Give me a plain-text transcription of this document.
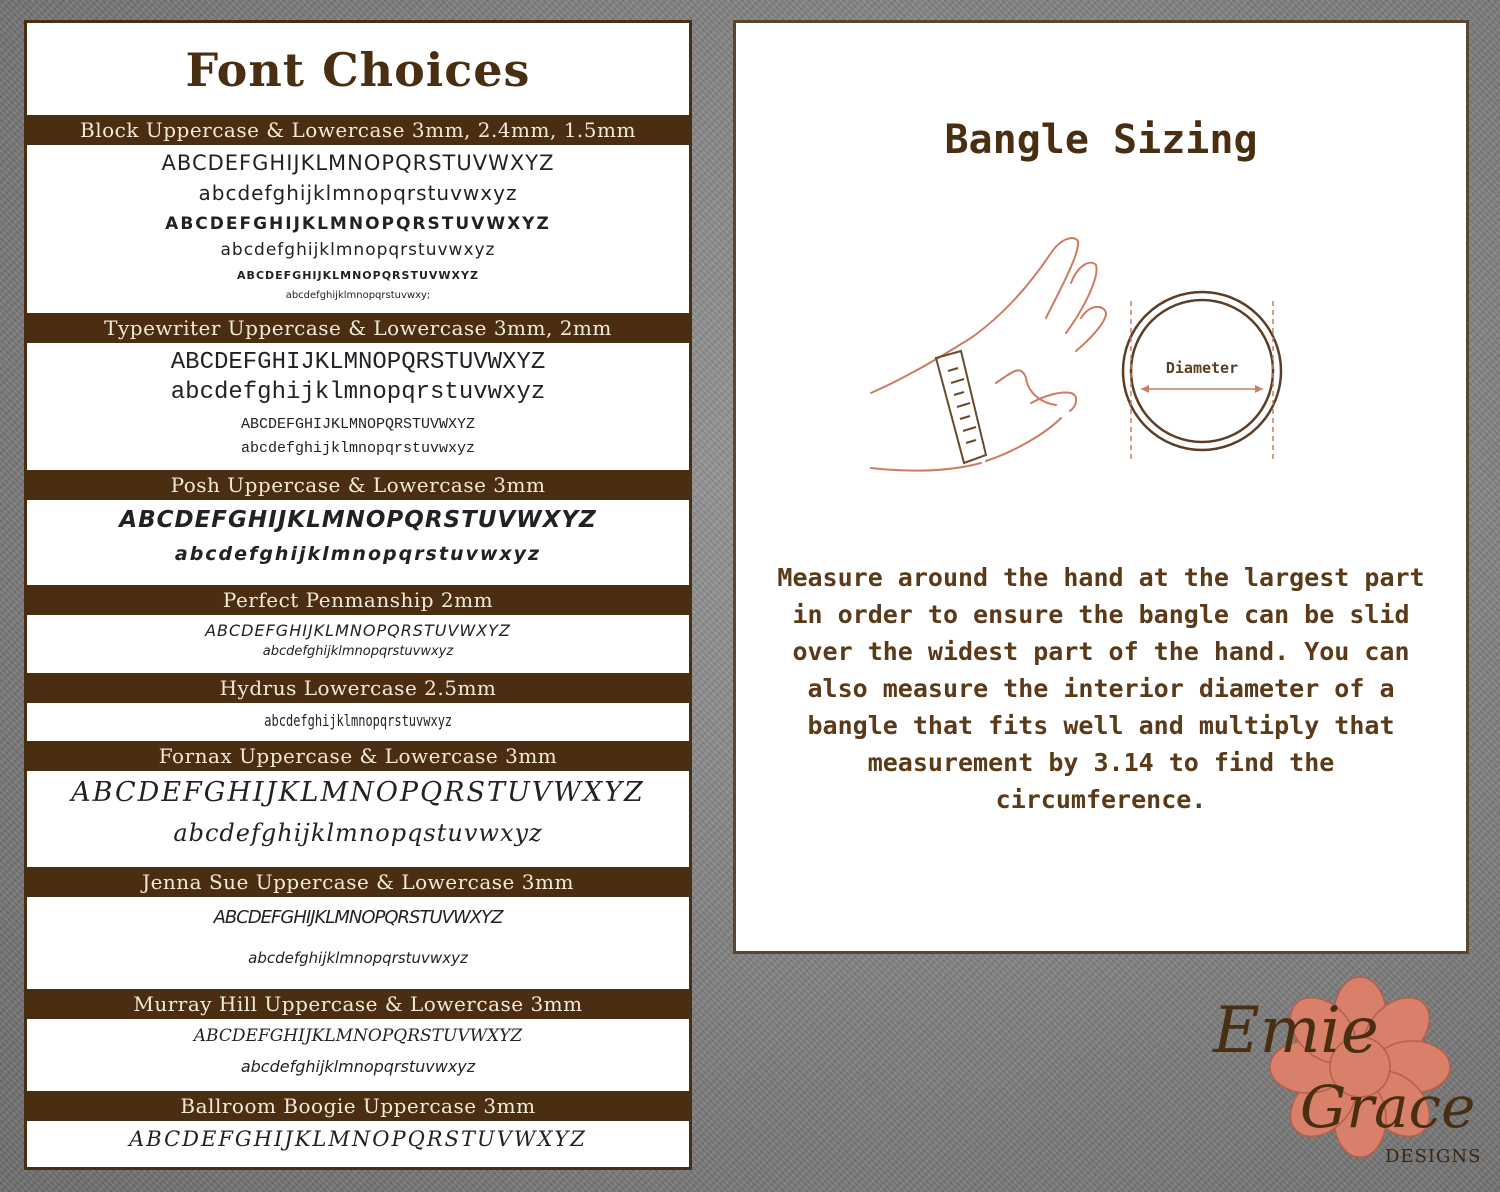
Font Choices
Block Uppercase & Lowercase 3mm, 2.4mm, 1.5mm
ABCDEFGHIJKLMNOPQRSTUVWXYZ
abcdefghijklmnopqrstuvwxyz
ABCDEFGHIJKLMNOPQRSTUVWXYZ
abcdefghijklmnopqrstuvwxyz
ABCDEFGHIJKLMNOPQRSTUVWXYZ
abcdefghijklmnopqrstuvwxy;
Typewriter Uppercase & Lowercase 3mm, 2mm
ABCDEFGHIJKLMNOPQRSTUVWXYZ
abcdefghijklmnopqrstuvwxyz
ABCDEFGHIJKLMNOPQRSTUVWXYZ
abcdefghijklmnopqrstuvwxyz
Posh Uppercase & Lowercase 3mm
ABCDEFGHIJKLMNOPQRSTUVWXYZ
abcdefghijklmnopqrstuvwxyz
Perfect Penmanship 2mm
ABCDEFGHIJKLMNOPQRSTUVWXYZ
abcdefghijklmnopqrstuvwxyz
Hydrus Lowercase 2.5mm
abcdefghijklmnopqrstuvwxyz
Fornax Uppercase & Lowercase 3mm
ABCDEFGHIJKLMNOPQRSTUVWXYZ
abcdefghijklmnopqstuvwxyz
Jenna Sue Uppercase & Lowercase 3mm
ABCDEFGHIJKLMNOPQRSTUVWXYZ
abcdefghijklmnopqrstuvwxyz
Murray Hill Uppercase & Lowercase 3mm
ABCDEFGHIJKLMNOPQRSTUVWXYZ
abcdefghijklmnopqrstuvwxyz
Ballroom Boogie Uppercase 3mm
ABCDEFGHIJKLMNOPQRSTUVWXYZ
Bangle Sizing
Diameter
Measure around the hand at the largest part in order to ensure the bangle can be slid over the widest part of the hand. You can also measure the interior diameter of a bangle that fits well and multiply that measurement by 3.14 to find the circumference.
Emie
Grace
DESIGNS
